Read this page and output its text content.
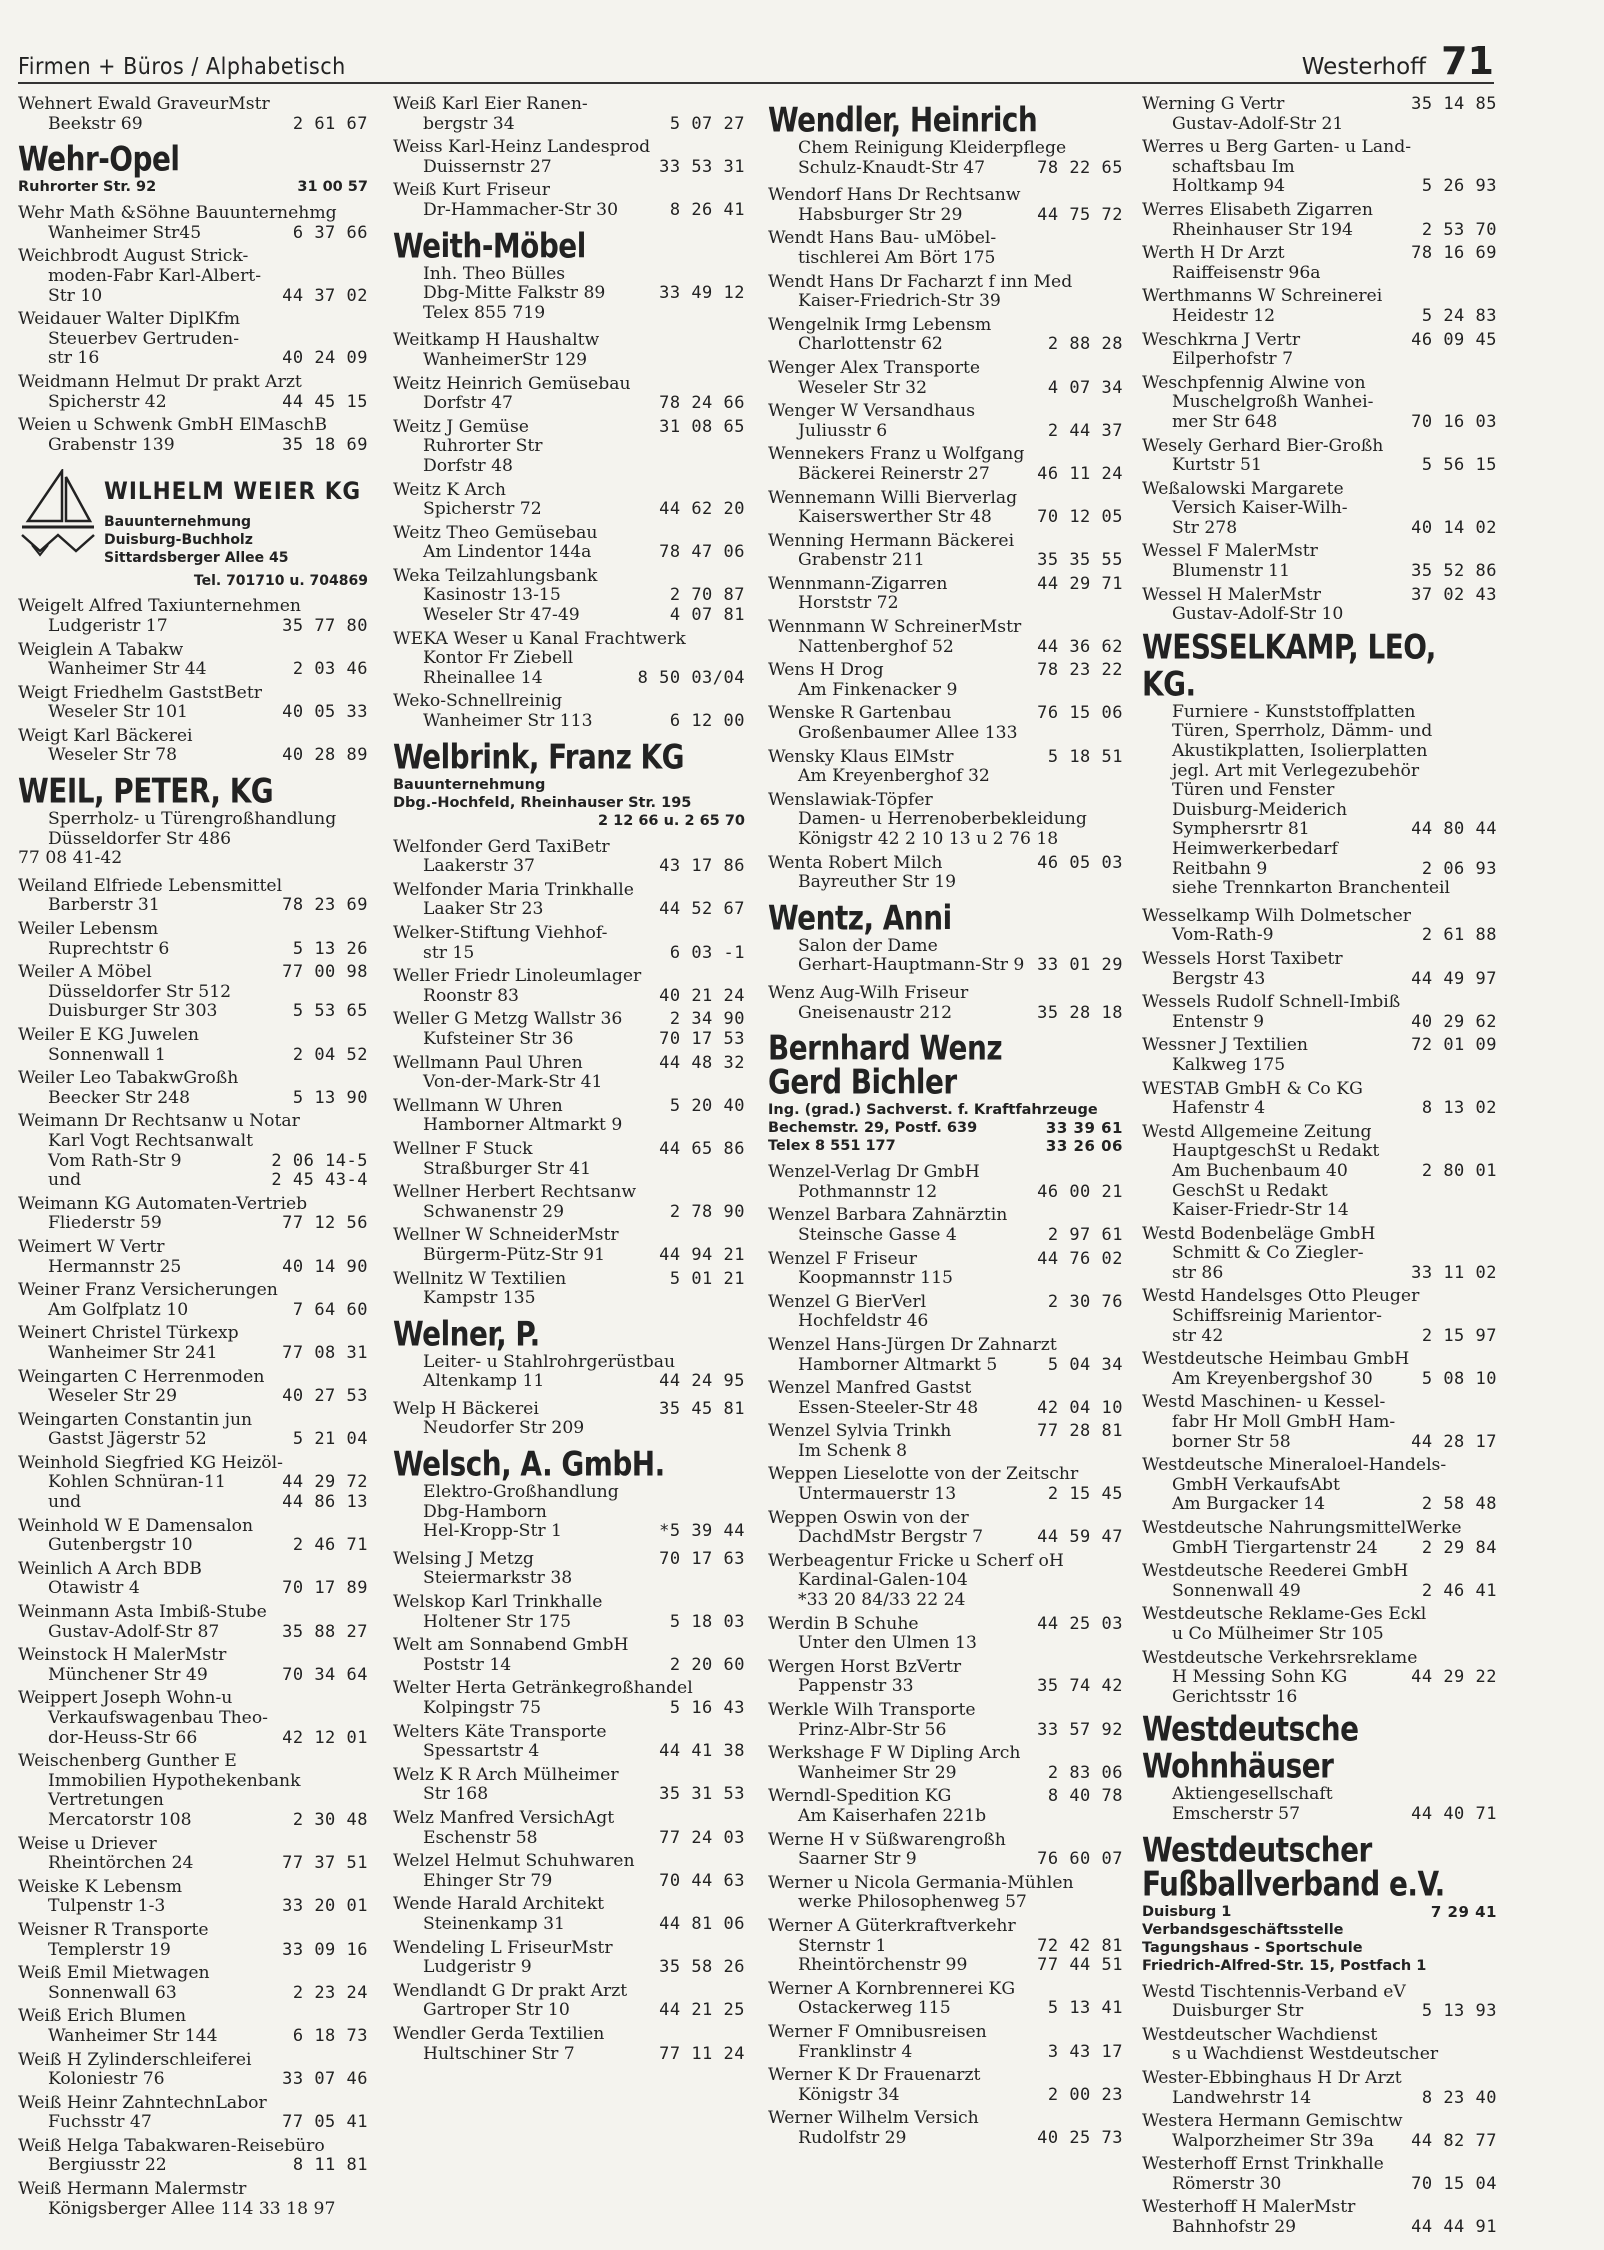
Firmen + Büros / Alphabetisch	Westerhoff 71
Wehnert Ewald GraveurMstr
Beekstr 69	2 61 67
Wehr-Opel
Ruhrorter Str. 92	31 00 57
Wehr Math &Söhne Bauunternehmg
Wanheimer Str45	6 37 66
Weichbrodt August Strick-
moden-Fabr Karl-Albert-
Str 10	44 37 02
Weidauer Walter DiplKfm
Steuerbev Gertruden-
str 16	40 24 09
Weidmann Helmut Dr prakt Arzt
Spicherstr 42	44 45 15
Weien u Schwenk GmbH ElMaschB
Grabenstr 139	35 18 69
WILHELM WEIER KG
Bauunternehmung
Duisburg-Buchholz
Sittardsberger Allee 45
Tel. 701710 u. 704869
Weigelt Alfred Taxiunternehmen
Ludgeristr 17	35 77 80
Weiglein A Tabakw
Wanheimer Str 44	2 03 46
Weigt Friedhelm GaststBetr
Weseler Str 101	40 05 33
Weigt Karl Bäckerei
Weseler Str 78	40 28 89
WEIL, PETER, KG
Sperrholz- u Türengroßhandlung
Düsseldorfer Str 486
77 08 41-42
Weiland Elfriede Lebensmittel
Barberstr 31	78 23 69
Weiler Lebensm
Ruprechtstr 6	5 13 26
Weiler A Möbel	77 00 98
Düsseldorfer Str 512
Duisburger Str 303	5 53 65
Weiler E KG Juwelen
Sonnenwall 1	2 04 52
Weiler Leo TabakwGroßh
Beecker Str 248	5 13 90
Weimann Dr Rechtsanw u Notar
Karl Vogt Rechtsanwalt
Vom Rath-Str 9	2 06 14-5
und	2 45 43-4
Weimann KG Automaten-Vertrieb
Fliederstr 59	77 12 56
Weimert W Vertr
Hermannstr 25	40 14 90
Weiner Franz Versicherungen
Am Golfplatz 10	7 64 60
Weinert Christel Türkexp
Wanheimer Str 241	77 08 31
Weingarten C Herrenmoden
Weseler Str 29	40 27 53
Weingarten Constantin jun
Gastst Jägerstr 52	5 21 04
Weinhold Siegfried KG Heizöl-
Kohlen Schnüran-11	44 29 72
und	44 86 13
Weinhold W E Damensalon
Gutenbergstr 10	2 46 71
Weinlich A Arch BDB
Otawistr 4	70 17 89
Weinmann Asta Imbiß-Stube
Gustav-Adolf-Str 87	35 88 27
Weinstock H MalerMstr
Münchener Str 49	70 34 64
Weippert Joseph Wohn-u
Verkaufswagenbau Theo-
dor-Heuss-Str 66	42 12 01
Weischenberg Gunther E
Immobilien Hypothekenbank
Vertretungen
Mercatorstr 108	2 30 48
Weise u Driever
Rheintörchen 24	77 37 51
Weiske K Lebensm
Tulpenstr 1-3	33 20 01
Weisner R Transporte
Templerstr 19	33 09 16
Weiß Emil Mietwagen
Sonnenwall 63	2 23 24
Weiß Erich Blumen
Wanheimer Str 144	6 18 73
Weiß H Zylinderschleiferei
Koloniestr 76	33 07 46
Weiß Heinr ZahntechnLabor
Fuchsstr 47	77 05 41
Weiß Helga Tabakwaren-Reisebüro
Bergiusstr 22	8 11 81
Weiß Hermann Malermstr
Königsberger Allee 114 33 18 97
Weiß Karl Eier Ranen-
bergstr 34	5 07 27
Weiss Karl-Heinz Landesprod
Duissernstr 27	33 53 31
Weiß Kurt Friseur
Dr-Hammacher-Str 30	8 26 41
Weith-Möbel
Inh. Theo Bülles
Dbg-Mitte Falkstr 89	33 49 12
Telex 855 719
Weitkamp H Haushaltw
WanheimerStr 129
Weitz Heinrich Gemüsebau
Dorfstr 47	78 24 66
Weitz J Gemüse	31 08 65
Ruhrorter Str
Dorfstr 48
Weitz K Arch
Spicherstr 72	44 62 20
Weitz Theo Gemüsebau
Am Lindentor 144a	78 47 06
Weka Teilzahlungsbank
Kasinostr 13-15	2 70 87
Weseler Str 47-49	4 07 81
WEKA Weser u Kanal Frachtwerk
Kontor Fr Ziebell
Rheinallee 14	8 50 03/04
Weko-Schnellreinig
Wanheimer Str 113	6 12 00
Welbrink, Franz KG
Bauunternehmung
Dbg.-Hochfeld, Rheinhauser Str. 195
2 12 66 u. 2 65 70
Welfonder Gerd TaxiBetr
Laakerstr 37	43 17 86
Welfonder Maria Trinkhalle
Laaker Str 23	44 52 67
Welker-Stiftung Viehhof-
str 15	6 03 -1
Weller Friedr Linoleumlager
Roonstr 83	40 21 24
Weller G Metzg Wallstr 36	2 34 90
Kufsteiner Str 36	70 17 53
Wellmann Paul Uhren	44 48 32
Von-der-Mark-Str 41
Wellmann W Uhren	5 20 40
Hamborner Altmarkt 9
Wellner F Stuck	44 65 86
Straßburger Str 41
Wellner Herbert Rechtsanw
Schwanenstr 29	2 78 90
Wellner W SchneiderMstr
Bürgerm-Pütz-Str 91	44 94 21
Wellnitz W Textilien	5 01 21
Kampstr 135
Welner, P.
Leiter- u Stahlrohrgerüstbau
Altenkamp 11	44 24 95
Welp H Bäckerei	35 45 81
Neudorfer Str 209
Welsch, A. GmbH.
Elektro-Großhandlung
Dbg-Hamborn
Hel-Kropp-Str 1	*5 39 44
Welsing J Metzg	70 17 63
Steiermarkstr 38
Welskop Karl Trinkhalle
Holtener Str 175	5 18 03
Welt am Sonnabend GmbH
Poststr 14	2 20 60
Welter Herta Getränkegroßhandel
Kolpingstr 75	5 16 43
Welters Käte Transporte
Spessartstr 4	44 41 38
Welz K R Arch Mülheimer
Str 168	35 31 53
Welz Manfred VersichAgt
Eschenstr 58	77 24 03
Welzel Helmut Schuhwaren
Ehinger Str 79	70 44 63
Wende Harald Architekt
Steinenkamp 31	44 81 06
Wendeling L FriseurMstr
Ludgeristr 9	35 58 26
Wendlandt G Dr prakt Arzt
Gartroper Str 10	44 21 25
Wendler Gerda Textilien
Hultschiner Str 7	77 11 24
Wendler, Heinrich
Chem Reinigung Kleiderpflege
Schulz-Knaudt-Str 47	78 22 65
Wendorf Hans Dr Rechtsanw
Habsburger Str 29	44 75 72
Wendt Hans Bau- uMöbel-
tischlerei Am Bört 175
Wendt Hans Dr Facharzt f inn Med
Kaiser-Friedrich-Str 39
Wengelnik Irmg Lebensm
Charlottenstr 62	2 88 28
Wenger Alex Transporte
Weseler Str 32	4 07 34
Wenger W Versandhaus
Juliusstr 6	2 44 37
Wennekers Franz u Wolfgang
Bäckerei Reinerstr 27	46 11 24
Wennemann Willi Bierverlag
Kaiserswerther Str 48	70 12 05
Wenning Hermann Bäckerei
Grabenstr 211	35 35 55
Wennmann-Zigarren	44 29 71
Horststr 72
Wennmann W SchreinerMstr
Nattenberghof 52	44 36 62
Wens H Drog	78 23 22
Am Finkenacker 9
Wenske R Gartenbau	76 15 06
Großenbaumer Allee 133
Wensky Klaus ElMstr	5 18 51
Am Kreyenberghof 32
Wenslawiak-Töpfer
Damen- u Herrenoberbekleidung
Königstr 42 2 10 13 u 2 76 18
Wenta Robert Milch	46 05 03
Bayreuther Str 19
Wentz, Anni
Salon der Dame
Gerhart-Hauptmann-Str 9 33 01 29
Wenz Aug-Wilh Friseur
Gneisenaustr 212	35 28 18
Bernhard Wenz
Gerd Bichler
Ing. (grad.) Sachverst. f. Kraftfahrzeuge
Bechemstr. 29, Postf. 639	33 39 61
Telex 8 551 177	33 26 06
Wenzel-Verlag Dr GmbH
Pothmannstr 12	46 00 21
Wenzel Barbara Zahnärztin
Steinsche Gasse 4	2 97 61
Wenzel F Friseur	44 76 02
Koopmannstr 115
Wenzel G BierVerl	2 30 76
Hochfeldstr 46
Wenzel Hans-Jürgen Dr Zahnarzt
Hamborner Altmarkt 5	5 04 34
Wenzel Manfred Gastst
Essen-Steeler-Str 48	42 04 10
Wenzel Sylvia Trinkh	77 28 81
Im Schenk 8
Weppen Lieselotte von der Zeitschr
Untermauerstr 13	2 15 45
Weppen Oswin von der
DachdMstr Bergstr 7	44 59 47
Werbeagentur Fricke u Scherf oH
Kardinal-Galen-104
*33 20 84/33 22 24
Werdin B Schuhe	44 25 03
Unter den Ulmen 13
Wergen Horst BzVertr
Pappenstr 33	35 74 42
Werkle Wilh Transporte
Prinz-Albr-Str 56	33 57 92
Werkshage F W Dipling Arch
Wanheimer Str 29	2 83 06
Werndl-Spedition KG	8 40 78
Am Kaiserhafen 221b
Werne H v Süßwarengroßh
Saarner Str 9	76 60 07
Werner u Nicola Germania-Mühlen
werke Philosophenweg 57
Werner A Güterkraftverkehr
Sternstr 1	72 42 81
Rheintörchenstr 99	77 44 51
Werner A Kornbrennerei KG
Ostackerweg 115	5 13 41
Werner F Omnibusreisen
Franklinstr 4	3 43 17
Werner K Dr Frauenarzt
Königstr 34	2 00 23
Werner Wilhelm Versich
Rudolfstr 29	40 25 73
Werning G Vertr	35 14 85
Gustav-Adolf-Str 21
Werres u Berg Garten- u Land-
schaftsbau Im
Holtkamp 94	5 26 93
Werres Elisabeth Zigarren
Rheinhauser Str 194	2 53 70
Werth H Dr Arzt	78 16 69
Raiffeisenstr 96a
Werthmanns W Schreinerei
Heidestr 12	5 24 83
Weschkrna J Vertr	46 09 45
Eilperhofstr 7
Weschpfennig Alwine von
Muschelgroßh Wanhei-
mer Str 648	70 16 03
Wesely Gerhard Bier-Großh
Kurtstr 51	5 56 15
Weßalowski Margarete
Versich Kaiser-Wilh-
Str 278	40 14 02
Wessel F MalerMstr
Blumenstr 11	35 52 86
Wessel H MalerMstr	37 02 43
Gustav-Adolf-Str 10
WESSELKAMP, LEO, KG.
Furniere - Kunststoffplatten
Türen, Sperrholz, Dämm- und
Akustikplatten, Isolierplatten
jegl. Art mit Verlegezubehör
Türen und Fenster
Duisburg-Meiderich
Symphersrtr 81	44 80 44
Heimwerkerbedarf
Reitbahn 9	2 06 93
siehe Trennkarton Branchenteil
Wesselkamp Wilh Dolmetscher
Vom-Rath-9	2 61 88
Wessels Horst Taxibetr
Bergstr 43	44 49 97
Wessels Rudolf Schnell-Imbiß
Entenstr 9	40 29 62
Wessner J Textilien	72 01 09
Kalkweg 175
WESTAB GmbH & Co KG
Hafenstr 4	8 13 02
Westd Allgemeine Zeitung
HauptgeschSt u Redakt
Am Buchenbaum 40	2 80 01
GeschSt u Redakt
Kaiser-Friedr-Str 14
Westd Bodenbeläge GmbH
Schmitt & Co Ziegler-
str 86	33 11 02
Westd Handelsges Otto Pleuger
Schiffsreinig Marientor-
str 42	2 15 97
Westdeutsche Heimbau GmbH
Am Kreyenbergshof 30	5 08 10
Westd Maschinen- u Kessel-
fabr Hr Moll GmbH Ham-
borner Str 58	44 28 17
Westdeutsche Mineraloel-Handels-
GmbH VerkaufsAbt
Am Burgacker 14	2 58 48
Westdeutsche NahrungsmittelWerke
GmbH Tiergartenstr 24	2 29 84
Westdeutsche Reederei GmbH
Sonnenwall 49	2 46 41
Westdeutsche Reklame-Ges Eckl
u Co Mülheimer Str 105
Westdeutsche Verkehrsreklame
H Messing Sohn KG	44 29 22
Gerichtsstr 16
Westdeutsche Wohnhäuser
Aktiengesellschaft
Emscherstr 57	44 40 71
Westdeutscher
Fußballverband e.V.
Duisburg 1	7 29 41
Verbandsgeschäftsstelle
Tagungshaus - Sportschule
Friedrich-Alfred-Str. 15, Postfach 1
Westd Tischtennis-Verband eV
Duisburger Str	5 13 93
Westdeutscher Wachdienst
s u Wachdienst Westdeutscher
Wester-Ebbinghaus H Dr Arzt
Landwehrstr 14	8 23 40
Westera Hermann Gemischtw
Walporzheimer Str 39a 44 82 77
Westerhoff Ernst Trinkhalle
Römerstr 30	70 15 04
Westerhoff H MalerMstr
Bahnhofstr 29	44 44 91
